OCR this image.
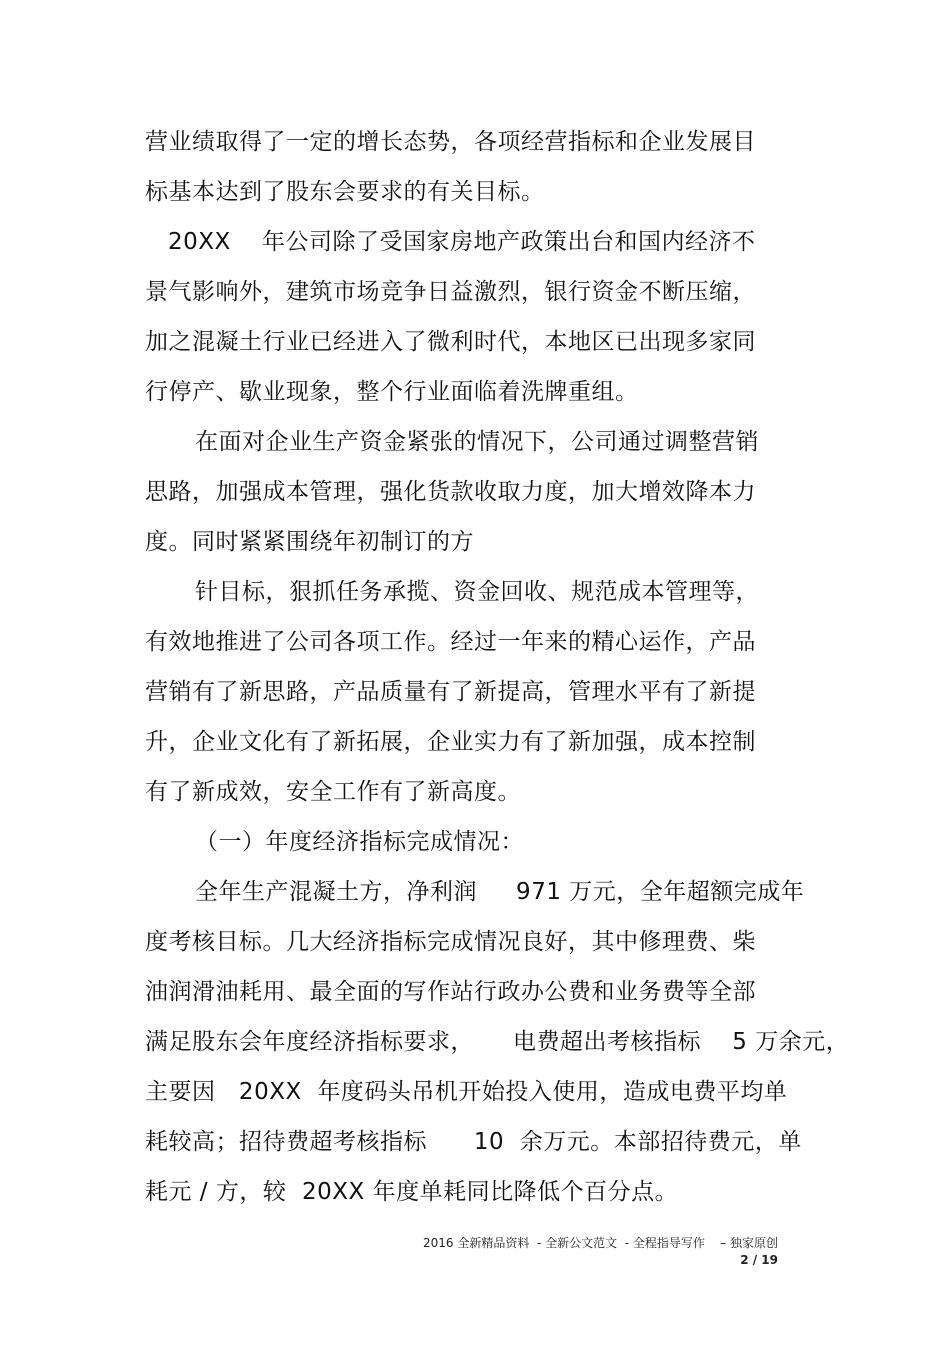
营业绩取得了一定的增长态势，各项经营指标和企业发展目
标基本达到了股东会要求的有关目标。
20XX    年公司除了受国家房地产政策出台和国内经济不
景气影响外，建筑市场竞争日益激烈，银行资金不断压缩，
加之混凝土行业已经进入了微利时代，本地区已出现多家同
行停产、歇业现象，整个行业面临着洗牌重组。
在面对企业生产资金紧张的情况下，公司通过调整营销
思路，加强成本管理，强化货款收取力度，加大增效降本力
度。同时紧紧围绕年初制订的方
针目标，狠抓任务承揽、资金回收、规范成本管理等，
有效地推进了公司各项工作。经过一年来的精心运作，产品
营销有了新思路，产品质量有了新提高，管理水平有了新提
升，企业文化有了新拓展，企业实力有了新加强，成本控制
有了新成效，安全工作有了新高度。
（一）年度经济指标完成情况：
全年生产混凝土方，净利润     971 万元，全年超额完成年
度考核目标。几大经济指标完成情况良好，其中修理费、柴
油润滑油耗用、最全面的写作站行政办公费和业务费等全部
满足股东会年度经济指标要求，     电费超出考核指标    5 万余元，
主要因   20XX  年度码头吊机开始投入使用，造成电费平均单
耗较高；招待费超考核指标      10  余万元。本部招待费元，单
耗元 / 方，较  20XX 年度单耗同比降低个百分点。
2016 全新精品资料  - 全新公文范文  - 全程指导写作    – 独家原创
2 / 19
